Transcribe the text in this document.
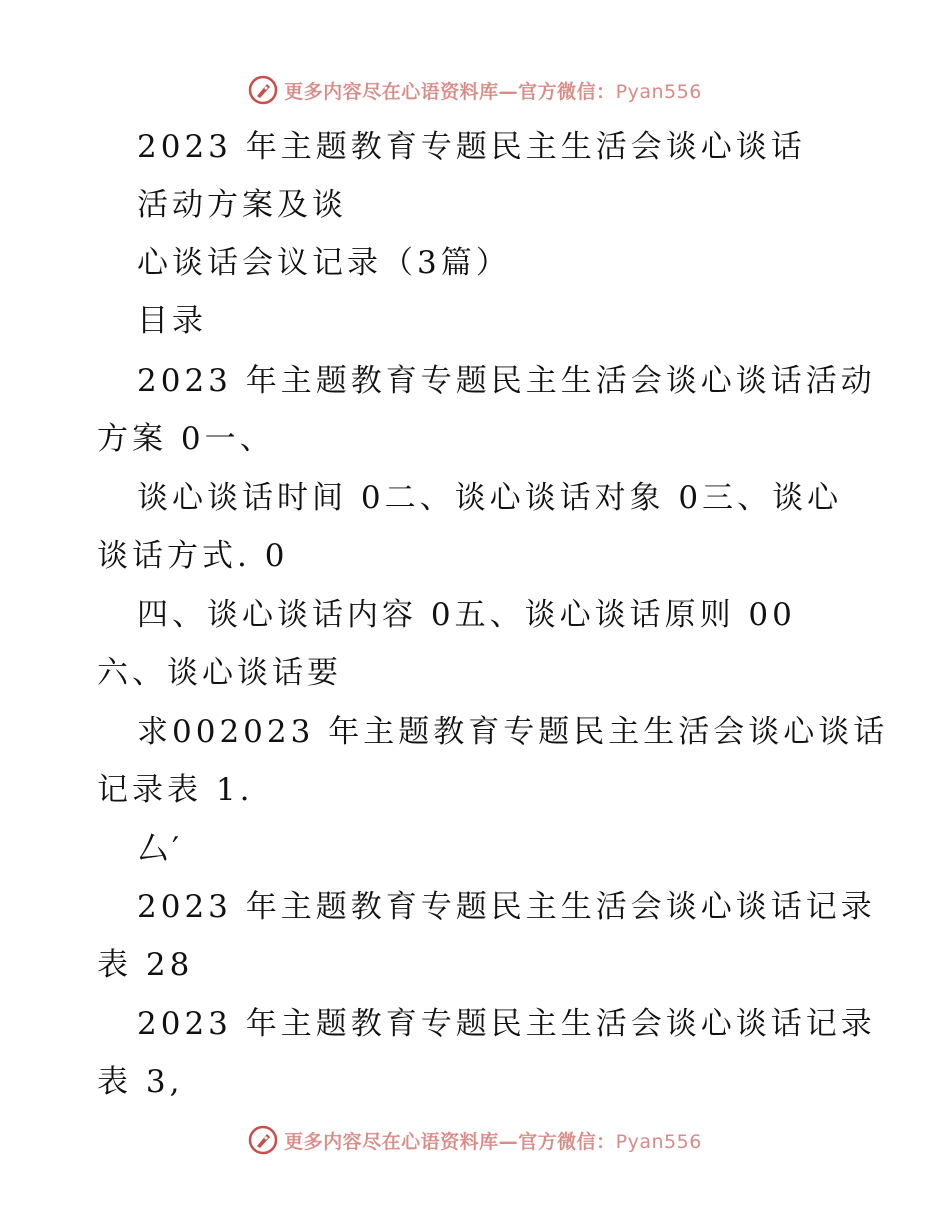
更多内容尽在心语资料库—官方微信：Pyan556
2023 年主题教育专题民主生活会谈心谈话
活动方案及谈
心谈话会议记录（3篇）
目录
2023 年主题教育专题民主生活会谈心谈话活动
方案 0一、
谈心谈话时间 0二、谈心谈话对象 0三、谈心
谈话方式. 0
四、谈心谈话内容 0五、谈心谈话原则 00
六、谈心谈话要
求002023 年主题教育专题民主生活会谈心谈话
记录表 1.
厶′
2023 年主题教育专题民主生活会谈心谈话记录
表 28
2023 年主题教育专题民主生活会谈心谈话记录
表 3,
更多内容尽在心语资料库—官方微信：Pyan556
